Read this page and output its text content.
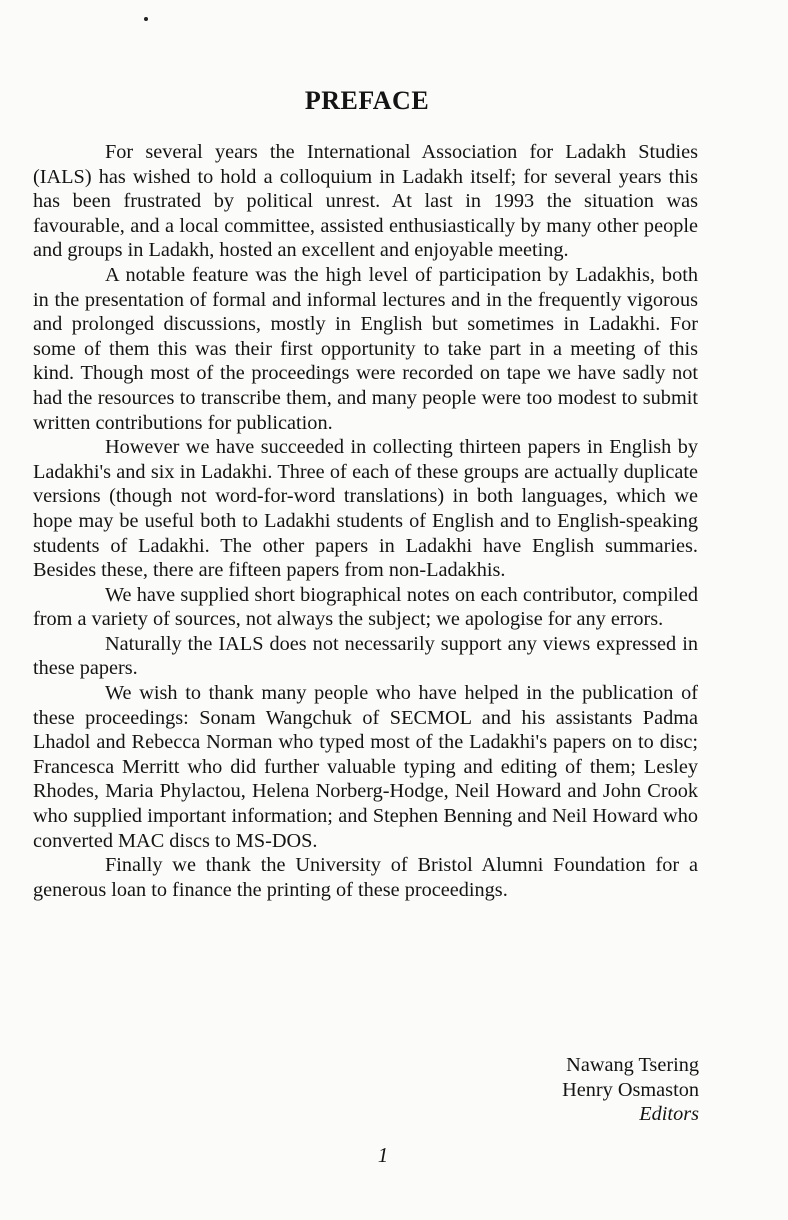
PREFACE

For several years the International Association for Ladakh Studies (IALS) has wished to hold a colloquium in Ladakh itself; for several years this has been frustrated by political unrest. At last in 1993 the situation was favourable, and a local committee, assisted enthusiastically by many other people and groups in Ladakh, hosted an excellent and enjoyable meeting.

A notable feature was the high level of participation by Ladakhis, both in the presentation of formal and informal lectures and in the frequently vigorous and prolonged discussions, mostly in English but sometimes in Ladakhi. For some of them this was their first opportunity to take part in a meeting of this kind. Though most of the proceedings were recorded on tape we have sadly not had the resources to transcribe them, and many people were too modest to submit written contributions for publication.

However we have succeeded in collecting thirteen papers in English by Ladakhi's and six in Ladakhi. Three of each of these groups are actually duplicate versions (though not word-for-word translations) in both languages, which we hope may be useful both to Ladakhi students of English and to English-speaking students of Ladakhi. The other papers in Ladakhi have English summaries. Besides these, there are fifteen papers from non-Ladakhis.

We have supplied short biographical notes on each contributor, compiled from a variety of sources, not always the subject; we apologise for any errors.

Naturally the IALS does not necessarily support any views expressed in these papers.

We wish to thank many people who have helped in the publication of these proceedings: Sonam Wangchuk of SECMOL and his assistants Padma Lhadol and Rebecca Norman who typed most of the Ladakhi's papers on to disc; Francesca Merritt who did further valuable typing and editing of them; Lesley Rhodes, Maria Phylactou, Helena Norberg-Hodge, Neil Howard and John Crook who supplied important information; and Stephen Benning and Neil Howard who converted MAC discs to MS-DOS.

Finally we thank the University of Bristol Alumni Foundation for a generous loan to finance the printing of these proceedings.

Nawang Tsering
Henry Osmaston
Editors
1
